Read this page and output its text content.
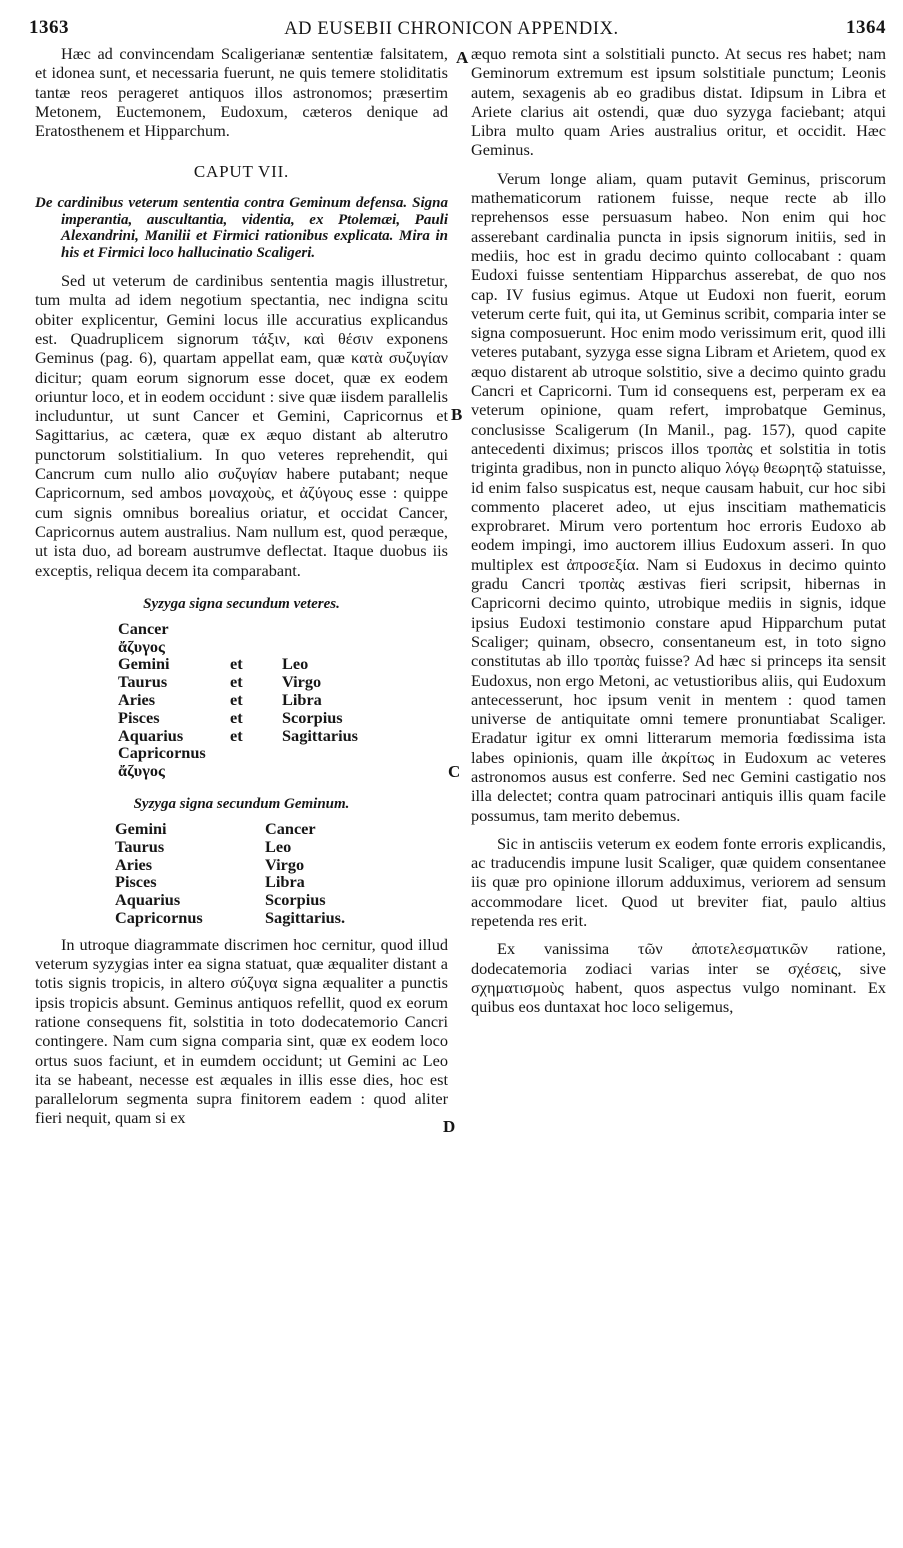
1363	AD EUSEBII CHRONICON APPENDIX.	1364

Hæc ad convincendam Scaligerianæ sententiæ falsitatem, et idonea sunt, et necessaria fuerunt, ne quis temere stoliditatis tantæ reos perageret antiquos illos astronomos; præsertim Metonem, Euctemonem, Eudoxum, cæteros denique ad Eratosthenem et Hipparchum.

CAPUT VII.

De cardinibus veterum sententia contra Geminum defensa. Signa imperantia, auscultantia, videntia, ex Ptolemæi, Pauli Alexandrini, Manilii et Firmici rationibus explicata. Mira in his et Firmici loco hallucinatio Scaligeri.

Sed ut veterum de cardinibus sententia magis illustretur, tum multa ad idem negotium spectantia, nec indigna scitu obiter explicentur, Gemini locus ille accuratius explicandus est. Quadruplicem signorum τάξιν, καὶ θέσιν exponens Geminus (pag. 6), quartam appellat eam, quæ κατὰ συζυγίαν dicitur; quam eorum signorum esse docet, quæ ex eodem oriuntur loco, et in eodem occidunt : sive quæ iisdem parallelis includuntur, ut sunt Cancer et Gemini, Capricornus et Sagittarius, ac cætera, quæ ex æquo distant ab alterutro punctorum solstitialium. In quo veteres reprehendit, qui Cancrum cum nullo alio συζυγίαν habere putabant; neque Capricornum, sed ambos μοναχοὺς, et ἀζύγους esse : quippe cum signis omnibus borealius oriatur, et occidat Cancer, Capricornus autem australius. Nam nullum est, quod peræque, ut ista duo, ad boream austrumve deflectat. Itaque duobus iis exceptis, reliqua decem ita comparabant.

Syzyga signa secundum veteres.
Cancer
ἄζυγος
Gemini	et	Leo
Taurus	et	Virgo
Aries	et	Libra
Pisces	et	Scorpius
Aquarius	et	Sagittarius
Capricornus
ἄζυγος
Syzyga signa secundum Geminum.
Gemini	Cancer
Taurus	Leo
Aries	Virgo
Pisces	Libra
Aquarius	Scorpius
Capricornus	Sagittarius.

In utroque diagrammate discrimen hoc cernitur, quod illud veterum syzygias inter ea signa statuat, quæ æqualiter distant a totis signis tropicis, in altero σύζυγα signa æqualiter a punctis ipsis tropicis absunt. Geminus antiquos refellit, quod ex eorum ratione consequens fit, solstitia in toto dodecatemorio Cancri contingere. Nam cum signa comparia sint, quæ ex eodem loco ortus suos faciunt, et in eumdem occidunt; ut Gemini ac Leo ita se habeant, necesse est æquales in illis esse dies, hoc est parallelorum segmenta supra finitorem eadem : quod aliter fieri nequit, quam si ex

æquo remota sint a solstitiali puncto. At secus res habet; nam Geminorum extremum est ipsum solstitiale punctum; Leonis autem, sexagenis ab eo gradibus distat. Idipsum in Libra et Ariete clarius ait ostendi, quæ duo syzyga faciebant; atqui Libra multo quam Aries australius oritur, et occidit. Hæc Geminus.

Verum longe aliam, quam putavit Geminus, priscorum mathematicorum rationem fuisse, neque recte ab illo reprehensos esse persuasum habeo. Non enim qui hoc asserebant cardinalia puncta in ipsis signorum initiis, sed in mediis, hoc est in gradu decimo quinto collocabant : quam Eudoxi fuisse sententiam Hipparchus asserebat, de quo nos cap. IV fusius egimus. Atque ut Eudoxi non fuerit, eorum veterum certe fuit, qui ita, ut Geminus scribit, comparia inter se signa composuerunt. Hoc enim modo verissimum erit, quod illi veteres putabant, syzyga esse signa Libram et Arietem, quod ex æquo distarent ab utroque solstitio, sive a decimo quinto gradu Cancri et Capricorni. Tum id consequens est, perperam ex ea veterum opinione, quam refert, improbatque Geminus, conclusisse Scaligerum (In Manil., pag. 157), quod capite antecedenti diximus; priscos illos τροπὰς et solstitia in totis triginta gradibus, non in puncto aliquo λόγῳ θεωρητῷ statuisse, id enim falso suspicatus est, neque causam habuit, cur hoc sibi commento placeret adeo, ut ejus inscitiam mathematicis exprobraret. Mirum vero portentum hoc erroris Eudoxo ab eodem impingi, imo auctorem illius Eudoxum asseri. In quo multiplex est ἀπροσεξία. Nam si Eudoxus in decimo quinto gradu Cancri τροπὰς æstivas fieri scripsit, hibernas in Capricorni decimo quinto, utrobique mediis in signis, idque ipsius Eudoxi testimonio constare apud Hipparchum putat Scaliger; quinam, obsecro, consentaneum est, in toto signo constitutas ab illo τροπὰς fuisse? Ad hæc si princeps ita sensit Eudoxus, non ergo Metoni, ac vetustioribus aliis, qui Eudoxum antecesserunt, hoc ipsum venit in mentem : quod tamen universe de antiquitate omni temere pronuntiabat Scaliger. Eradatur igitur ex omni litterarum memoria fœdissima ista labes opinionis, quam ille ἀκρίτως in Eudoxum ac veteres astronomos ausus est conferre. Sed nec Gemini castigatio nos illa delectet; contra quam patrocinari antiquis illis quam facile possumus, tam merito debemus.

Sic in antisciis veterum ex eodem fonte erroris explicandis, ac traducendis impune lusit Scaliger, quæ quidem consentanee iis quæ pro opinione illorum adduximus, veriorem ad sensum accommodare licet. Quod ut breviter fiat, paulo altius repetenda res erit.

Ex vanissima τῶν ἀποτελεσματικῶν ratione, dodecatemoria zodiaci varias inter se σχέσεις, sive σχηματισμοὺς habent, quos aspectus vulgo nominant. Ex quibus eos duntaxat hoc loco seligemus,

A
B
C
D
